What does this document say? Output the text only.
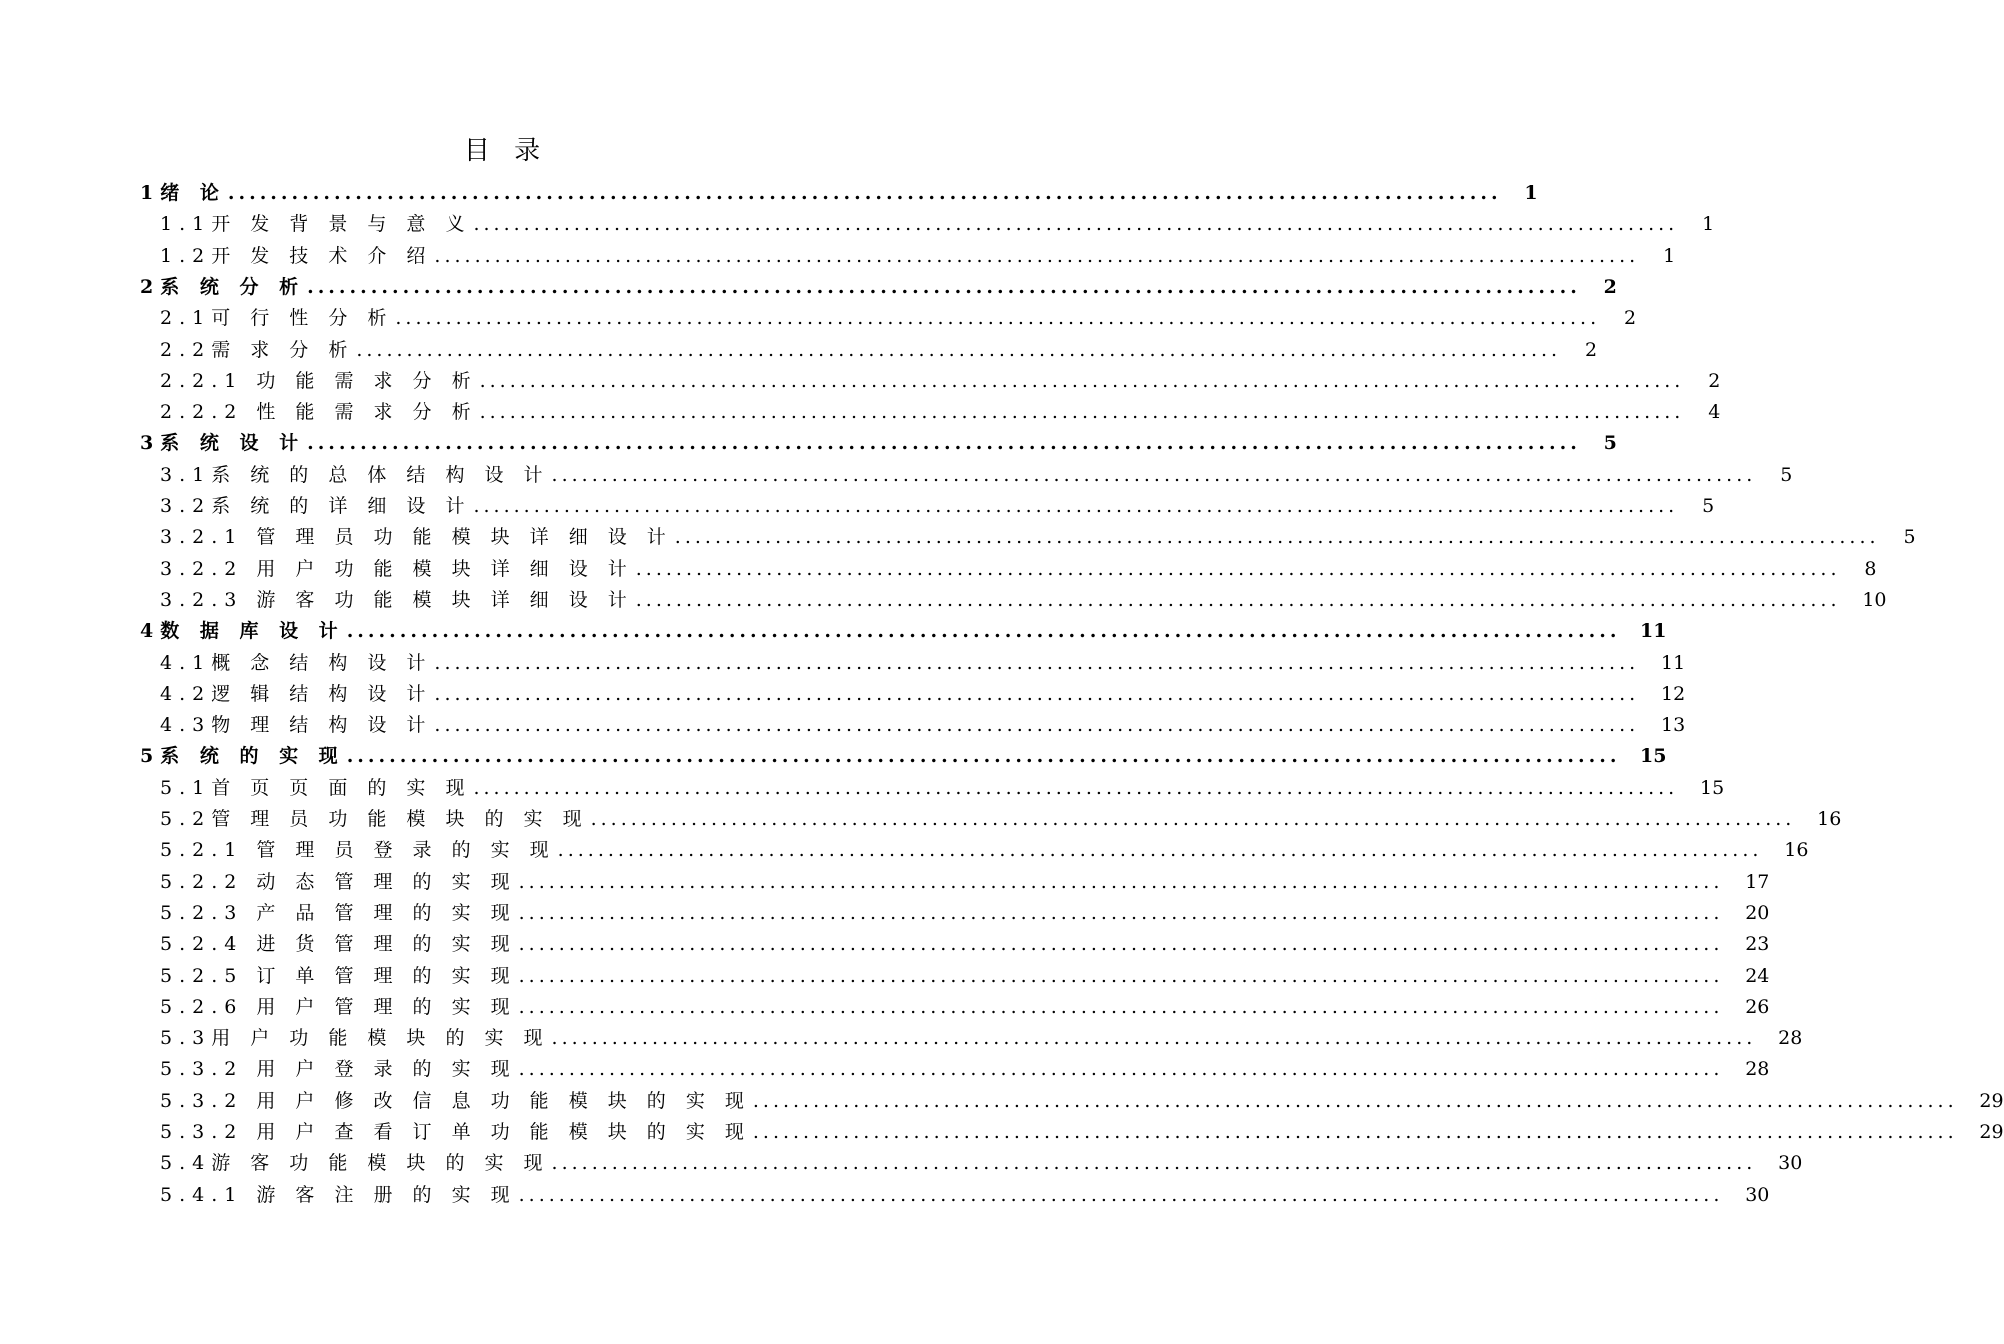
目 录
1绪 论 ........................................................................................................................	1
1.1开 发 背 景 与 意 义 ........................................................................................................................	1
1.2开 发 技 术 介 绍 ........................................................................................................................	1
2系 统 分 析 ........................................................................................................................	2
2.1可 行 性 分 析 ........................................................................................................................	2
2.2需 求 分 析 ........................................................................................................................	2
2.2.1 功 能 需 求 分 析 ........................................................................................................................	2
2.2.2 性 能 需 求 分 析 ........................................................................................................................	4
3系 统 设 计 ........................................................................................................................	5
3.1系 统 的 总 体 结 构 设 计 ........................................................................................................................	5
3.2系 统 的 详 细 设 计 ........................................................................................................................	5
3.2.1 管 理 员 功 能 模 块 详 细 设 计 ........................................................................................................................	5
3.2.2 用 户 功 能 模 块 详 细 设 计 ........................................................................................................................	8
3.2.3 游 客 功 能 模 块 详 细 设 计 ........................................................................................................................	10
4数 据 库 设 计 ........................................................................................................................	11
4.1概 念 结 构 设 计 ........................................................................................................................	11
4.2逻 辑 结 构 设 计 ........................................................................................................................	12
4.3物 理 结 构 设 计 ........................................................................................................................	13
5系 统 的 实 现 ........................................................................................................................	15
5.1首 页 页 面 的 实 现 ........................................................................................................................	15
5.2管 理 员 功 能 模 块 的 实 现 ........................................................................................................................	16
5.2.1 管 理 员 登 录 的 实 现 ........................................................................................................................	16
5.2.2 动 态 管 理 的 实 现 ........................................................................................................................	17
5.2.3 产 品 管 理 的 实 现 ........................................................................................................................	20
5.2.4 进 货 管 理 的 实 现 ........................................................................................................................	23
5.2.5 订 单 管 理 的 实 现 ........................................................................................................................	24
5.2.6 用 户 管 理 的 实 现 ........................................................................................................................	26
5.3用 户 功 能 模 块 的 实 现 ........................................................................................................................	28
5.3.2 用 户 登 录 的 实 现 ........................................................................................................................	28
5.3.2 用 户 修 改 信 息 功 能 模 块 的 实 现 ........................................................................................................................	29
5.3.2 用 户 查 看 订 单 功 能 模 块 的 实 现 ........................................................................................................................	29
5.4游 客 功 能 模 块 的 实 现 ........................................................................................................................	30
5.4.1 游 客 注 册 的 实 现 ........................................................................................................................	30
